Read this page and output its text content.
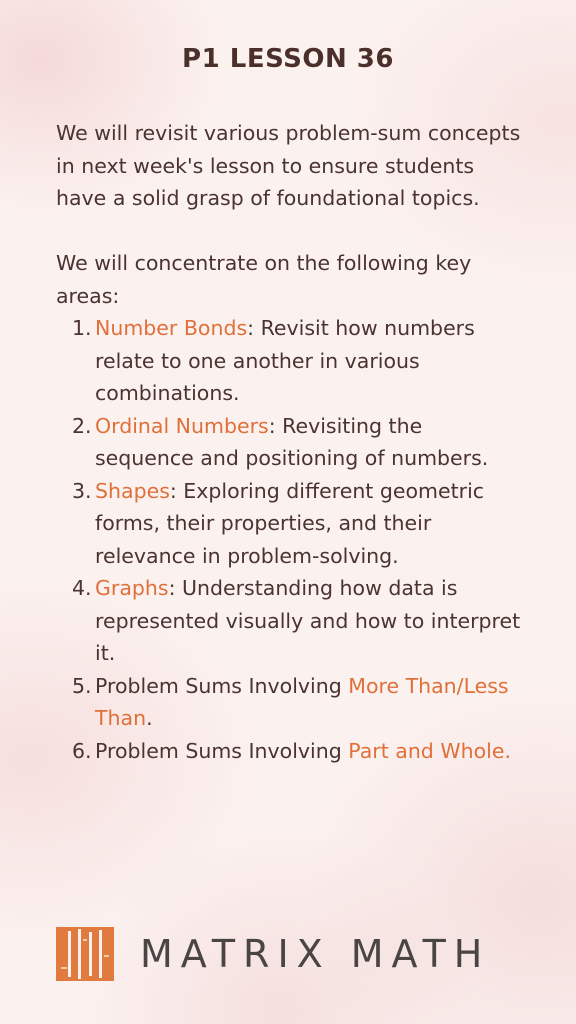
P1 LESSON 36

We will revisit various problem-sum concepts in next week's lesson to ensure students have a solid grasp of foundational topics.

We will concentrate on the following key areas:

1. Number Bonds: Revisit how numbers relate to one another in various combinations.
2. Ordinal Numbers: Revisiting the sequence and positioning of numbers.
3. Shapes: Exploring different geometric forms, their properties, and their relevance in problem-solving.
4. Graphs: Understanding how data is represented visually and how to interpret it.
5. Problem Sums Involving More Than/Less Than.
6. Problem Sums Involving Part and Whole.
MATRIX MATH
